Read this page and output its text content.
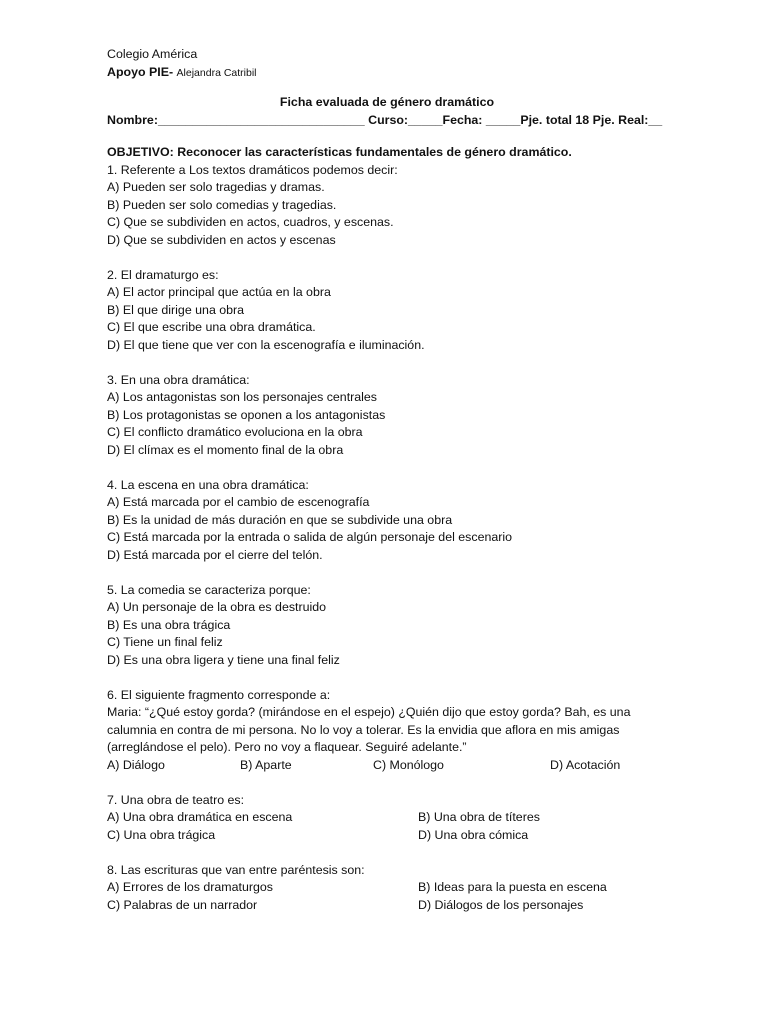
Colegio América
Apoyo PIE- Alejandra Catribil
Ficha evaluada de género dramático
Nombre:______________________________ Curso:_____Fecha: _____Pje. total 18 Pje. Real:__
OBJETIVO: Reconocer las características fundamentales de género dramático.
1. Referente a Los textos dramáticos podemos decir:
A) Pueden ser solo tragedias y dramas.
B) Pueden ser solo comedias y tragedias.
C) Que se subdividen en actos, cuadros, y escenas.
D) Que se subdividen en actos y escenas
2. El dramaturgo es:
A) El actor principal que actúa en la obra
B) El que dirige una obra
C) El que escribe una obra dramática.
D) El que tiene que ver con la escenografía e iluminación.
3. En una obra dramática:
A) Los antagonistas son los personajes centrales
B) Los protagonistas se oponen a los antagonistas
C) El conflicto dramático evoluciona en la obra
D) El clímax es el momento final de la obra
4. La escena en una obra dramática:
A) Está marcada por el cambio de escenografía
B) Es la unidad de más duración en que se subdivide una obra
C) Está marcada por la entrada o salida de algún personaje del escenario
D) Está marcada por el cierre del telón.
5. La comedia se caracteriza porque:
A) Un personaje de la obra es destruido
B) Es una obra trágica
C) Tiene un final feliz
D) Es una obra ligera y tiene una final feliz
6. El siguiente fragmento corresponde a:
Maria: “¿Qué estoy gorda? (mirándose en el espejo) ¿Quién dijo que estoy gorda? Bah, es una
calumnia en contra de mi persona. No lo voy a tolerar. Es la envidia que aflora en mis amigas
(arreglándose el pelo). Pero no voy a flaquear. Seguiré adelante.”
A) Diálogo	B) Aparte	C) Monólogo	D) Acotación
7. Una obra de teatro es:
A) Una obra dramática en escena	B) Una obra de títeres
C) Una obra trágica	D) Una obra cómica
8. Las escrituras que van entre paréntesis son:
A) Errores de los dramaturgos	B) Ideas para la puesta en escena
C) Palabras de un narrador	D) Diálogos de los personajes
